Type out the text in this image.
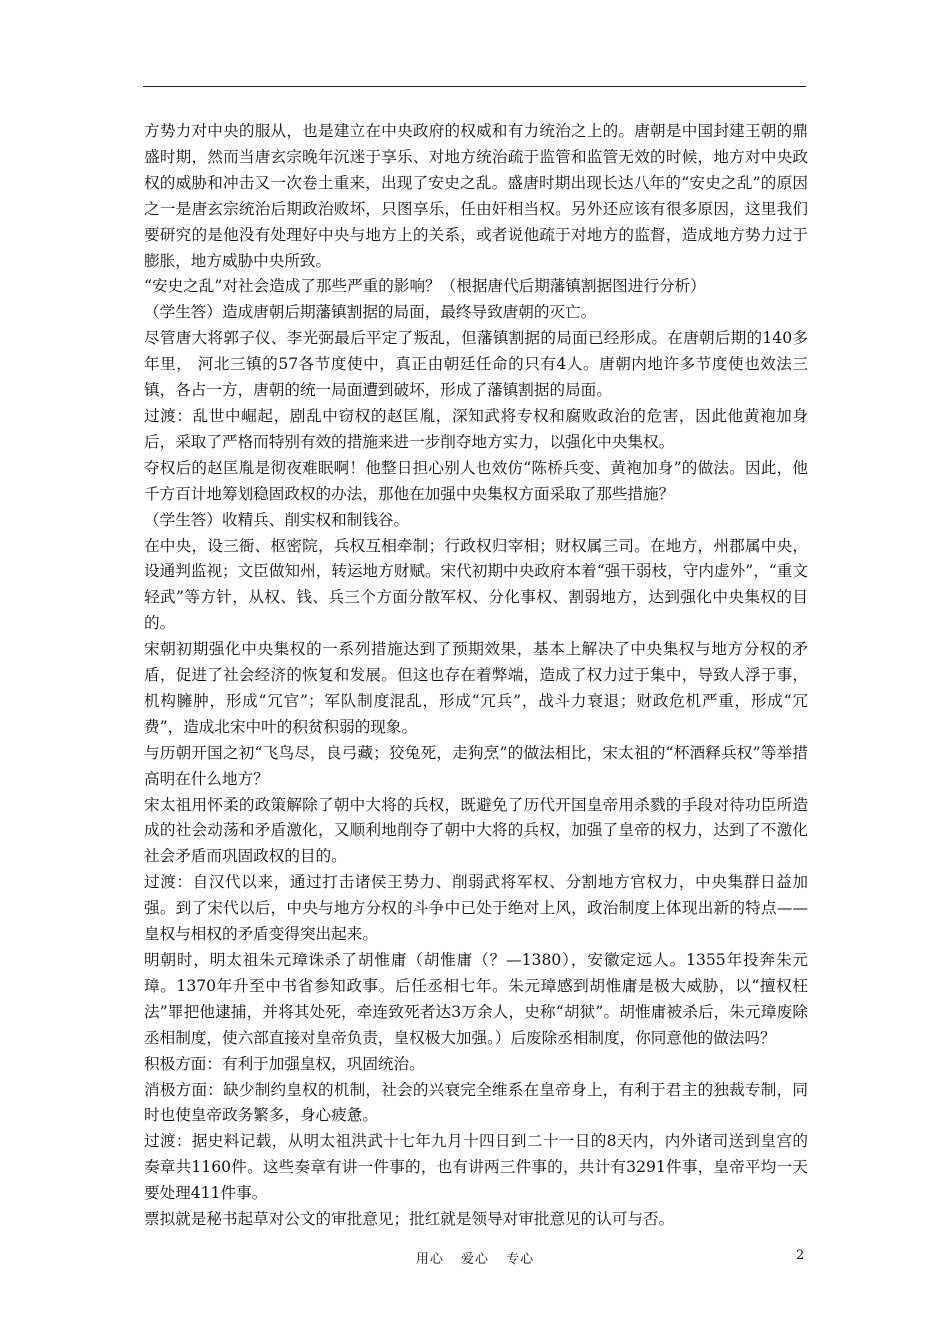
方势力对中央的服从，也是建立在中央政府的权威和有力统治之上的。唐朝是中国封建王朝的鼎盛时期，然而当唐玄宗晚年沉迷于享乐、对地方统治疏于监管和监管无效的时候，地方对中央政权的威胁和冲击又一次卷土重来，出现了安史之乱。盛唐时期出现长达八年的“安史之乱”的原因之一是唐玄宗统治后期政治败坏，只图享乐，任由奸相当权。另外还应该有很多原因，这里我们要研究的是他没有处理好中央与地方上的关系，或者说他疏于对地方的监督，造成地方势力过于膨胀，地方威胁中央所致。

“安史之乱”对社会造成了那些严重的影响？（根据唐代后期藩镇割据图进行分析）

（学生答）造成唐朝后期藩镇割据的局面，最终导致唐朝的灭亡。

尽管唐大将郭子仪、李光弼最后平定了叛乱，但藩镇割据的局面已经形成。在唐朝后期的140多年里， 河北三镇的57各节度使中，真正由朝廷任命的只有4人。唐朝内地许多节度使也效法三镇，各占一方，唐朝的统一局面遭到破坏，形成了藩镇割据的局面。

过渡：乱世中崛起，剧乱中窃权的赵匡胤，深知武将专权和腐败政治的危害，因此他黄袍加身后，采取了严格而特别有效的措施来进一步削夺地方实力，以强化中央集权。

夺权后的赵匡胤是彻夜难眠啊！他整日担心别人也效仿“陈桥兵变、黄袍加身”的做法。因此，他千方百计地筹划稳固政权的办法，那他在加强中央集权方面采取了那些措施？

（学生答）收精兵、削实权和制钱谷。

在中央，设三衙、枢密院，兵权互相牵制；行政权归宰相；财权属三司。在地方，州郡属中央，设通判监视；文臣做知州，转运地方财赋。宋代初期中央政府本着“强干弱枝，守内虚外”，“重文轻武”等方针，从权、钱、兵三个方面分散军权、分化事权、割弱地方，达到强化中央集权的目的。

宋朝初期强化中央集权的一系列措施达到了预期效果，基本上解决了中央集权与地方分权的矛盾，促进了社会经济的恢复和发展。但这也存在着弊端，造成了权力过于集中，导致人浮于事，机构臃肿，形成“冗官”；军队制度混乱，形成“冗兵”，战斗力衰退；财政危机严重，形成“冗费”，造成北宋中叶的积贫积弱的现象。

与历朝开国之初“飞鸟尽，良弓藏；狡兔死，走狗烹”的做法相比，宋太祖的“杯酒释兵权”等举措高明在什么地方？

宋太祖用怀柔的政策解除了朝中大将的兵权，既避免了历代开国皇帝用杀戮的手段对待功臣所造成的社会动荡和矛盾激化，又顺利地削夺了朝中大将的兵权，加强了皇帝的权力，达到了不激化社会矛盾而巩固政权的目的。

过渡：自汉代以来，通过打击诸侯王势力、削弱武将军权、分割地方官权力，中央集群日益加强。到了宋代以后，中央与地方分权的斗争中已处于绝对上风，政治制度上体现出新的特点——皇权与相权的矛盾变得突出起来。

明朝时，明太祖朱元璋诛杀了胡惟庸（胡惟庸（？—1380），安徽定远人。1355年投奔朱元璋。1370年升至中书省参知政事。后任丞相七年。朱元璋感到胡惟庸是极大威胁，以“擅权枉法”罪把他逮捕，并将其处死，牵连致死者达3万余人，史称“胡狱”。胡惟庸被杀后，朱元璋废除丞相制度，使六部直接对皇帝负责，皇权极大加强。）后废除丞相制度，你同意他的做法吗？

积极方面：有利于加强皇权，巩固统治。

消极方面：缺少制约皇权的机制，社会的兴衰完全维系在皇帝身上，有利于君主的独裁专制，同时也使皇帝政务繁多，身心疲惫。

过渡：据史料记载，从明太祖洪武十七年九月十四日到二十一日的8天内，内外诸司送到皇宫的奏章共1160件。这些奏章有讲一件事的，也有讲两三件事的，共计有3291件事，皇帝平均一天要处理411件事。

票拟就是秘书起草对公文的审批意见；批红就是领导对审批意见的认可与否。

用心 爱心 专心	2
